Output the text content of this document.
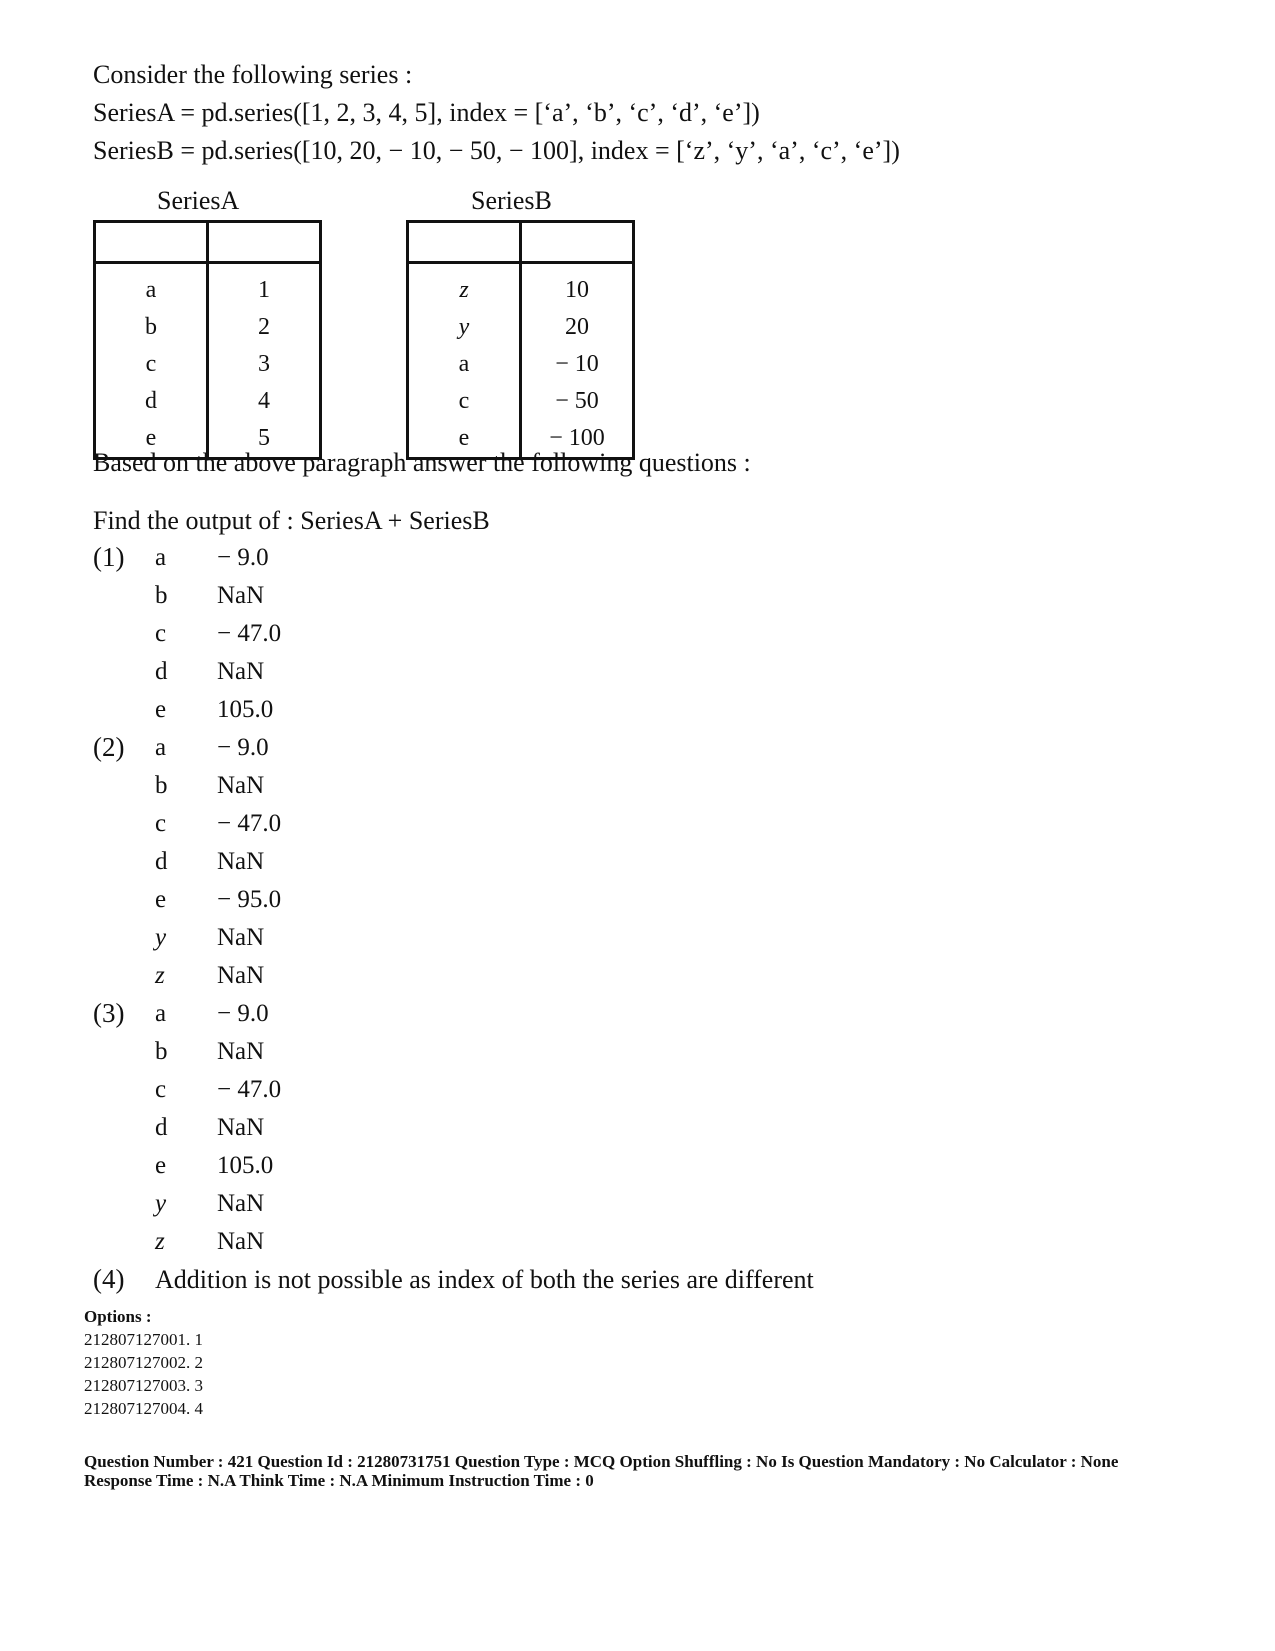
Consider the following series :
SeriesA = pd.series([1, 2, 3, 4, 5], index = [‘a’, ‘b’, ‘c’, ‘d’, ‘e’])
SeriesB = pd.series([10, 20, − 10, − 50, − 100], index = [‘z’, ‘y’, ‘a’, ‘c’, ‘e’])
SeriesA

a	1
b	2
c	3
d	4
e	5
SeriesB

z	10
y	20
a	− 10
c	− 50
e	− 100
Based on the above paragraph answer the following questions :
Find the output of : SeriesA + SeriesB
(1) a	− 9.0
b	NaN
c	− 47.0
d	NaN
e	105.0
(2) a	− 9.0
b	NaN
c	− 47.0
d	NaN
e	− 95.0
y	NaN
z	NaN
(3) a	− 9.0
b	NaN
c	− 47.0
d	NaN
e	105.0
y	NaN
z	NaN
(4) Addition is not possible as index of both the series are different
Options :
212807127001. 1
212807127002. 2
212807127003. 3
212807127004. 4
Question Number : 421 Question Id : 21280731751 Question Type : MCQ Option Shuffling : No Is Question Mandatory : No Calculator : None
Response Time : N.A Think Time : N.A Minimum Instruction Time : 0
